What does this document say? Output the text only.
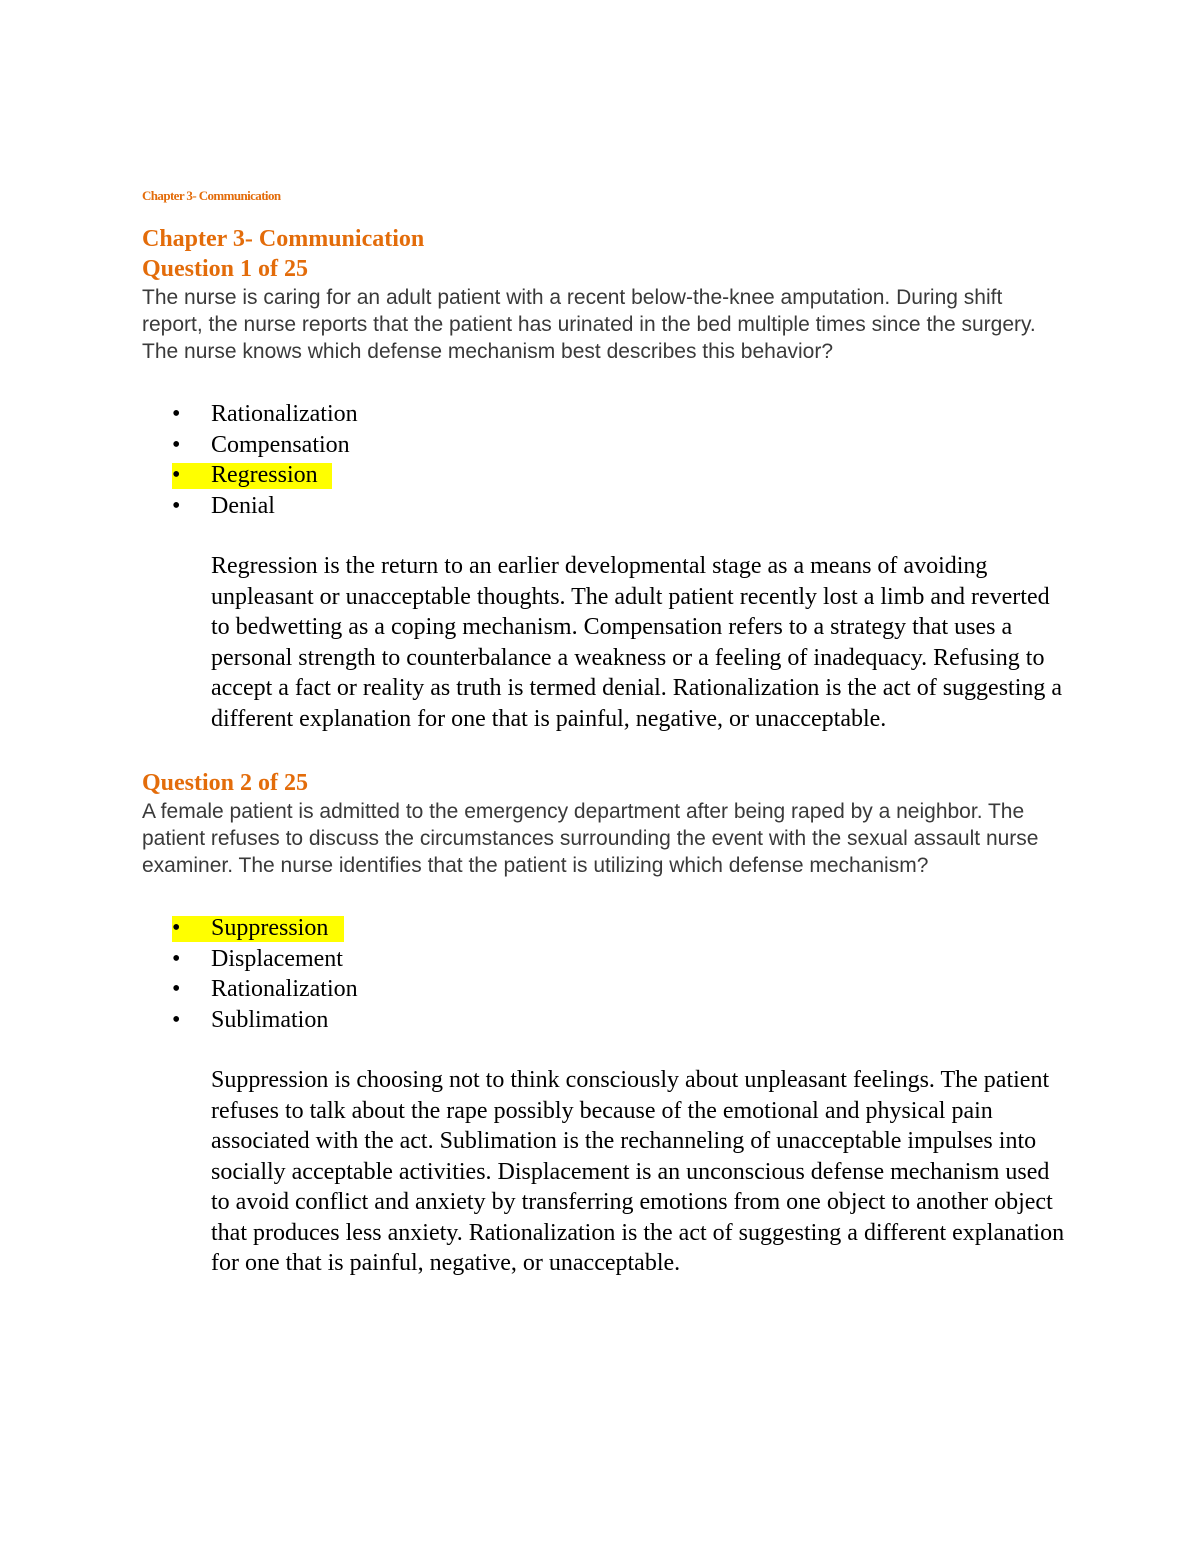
Chapter 3- Communication

Chapter 3- Communication
Question 1 of 25

The nurse is caring for an adult patient with a recent below-the-knee amputation. During shift report, the nurse reports that the patient has urinated in the bed multiple times since the surgery. The nurse knows which defense mechanism best describes this behavior?

•	Rationalization
•	Compensation
•	Regression
•	Denial

Regression is the return to an earlier developmental stage as a means of avoiding unpleasant or unacceptable thoughts. The adult patient recently lost a limb and reverted to bedwetting as a coping mechanism. Compensation refers to a strategy that uses a personal strength to counterbalance a weakness or a feeling of inadequacy. Refusing to accept a fact or reality as truth is termed denial. Rationalization is the act of suggesting a different explanation for one that is painful, negative, or unacceptable.

Question 2 of 25

A female patient is admitted to the emergency department after being raped by a neighbor. The patient refuses to discuss the circumstances surrounding the event with the sexual assault nurse examiner. The nurse identifies that the patient is utilizing which defense mechanism?

•	Suppression
•	Displacement
•	Rationalization
•	Sublimation

Suppression is choosing not to think consciously about unpleasant feelings. The patient refuses to talk about the rape possibly because of the emotional and physical pain associated with the act. Sublimation is the rechanneling of unacceptable impulses into socially acceptable activities. Displacement is an unconscious defense mechanism used to avoid conflict and anxiety by transferring emotions from one object to another object that produces less anxiety. Rationalization is the act of suggesting a different explanation for one that is painful, negative, or unacceptable.
